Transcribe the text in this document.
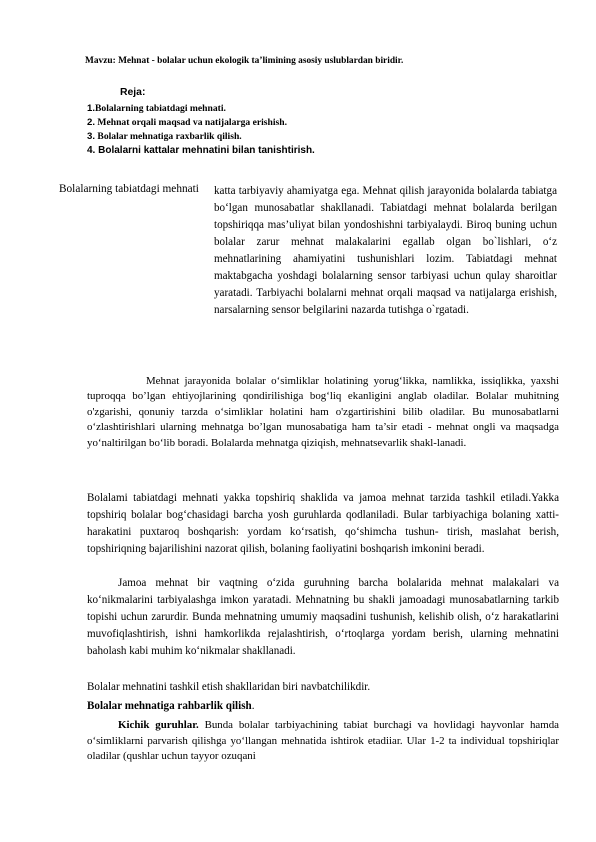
Mavzu: Mehnat - bolalar uchun ekologik ta’limining asosiy uslublardan biridir.
Reja:
1.Bolalarning tabiatdagi mehnati.
2. Mehnat orqali maqsad va natijalarga erishish.
3. Bolalar mehnatiga raxbarlik qilish.
4. Bolalarni kattalar mehnatini bilan tanishtirish.
Bolalarning tabiatdagi mehnati katta tarbiyaviy ahamiyatga ega. Mehnat qilish jarayonida bolalarda tabiatga bo‘lgan munosabatlar shakllanadi. Tabiatdagi mehnat bolalarda berilgan topshiriqqa mas’uliyat bilan yondoshishni tarbiyalaydi. Biroq buning uchun bolalar zarur mehnat malakalarini egallab olgan bo`lishlari, o‘z mehnatlarining ahamiyatini tushunishlari lozim. Tabiatdagi mehnat maktabgacha yoshdagi bolalarning sensor tarbiyasi uchun qulay sharoitlar yaratadi. Tarbiyachi bolalarni mehnat orqali maqsad va natijalarga erishish, narsalarning sensor belgilarini nazarda tutishga o`rgatadi.

Mehnat jarayonida bolalar o‘simliklar holatining yorug‘likka, namlikka, issiqlikka, yaxshi tuproqqa bo’lgan ehtiyojlarining qondirilishiga bog‘liq ekanligini anglab oladilar. Bolalar muhitning o'zgarishi, qonuniy tarzda o‘simliklar holatini ham o'zgartirishini bilib oladilar. Bu munosabatlarni o‘zlashtirishlari ularning mehnatga bo’lgan munosabatiga ham ta’sir etadi - mehnat ongli va maqsadga yo‘naltirilgan bo‘lib boradi. Bolalarda mehnatga qiziqish, mehnatsevarlik shakl-lanadi.

Bolalami tabiatdagi mehnati yakka topshiriq shaklida va jamoa mehnat tarzida tashkil etiladi.Yakka topshiriq bolalar bog‘chasidagi barcha yosh guruhlarda qodlaniladi. Bular tarbiyachiga bolaning xatti-harakatini puxtaroq boshqarish: yordam ko‘rsatish, qo‘shimcha tushun- tirish, maslahat berish, topshiriqning bajarilishini nazorat qilish, bolaning faoliyatini boshqarish imkonini beradi.

Jamoa mehnat bir vaqtning o‘zida guruhning barcha bolalarida mehnat malakalari va ko‘nikmalarini tarbiyalashga imkon yaratadi. Mehnatning bu shakli jamoadagi munosabatlarning tarkib topishi uchun zarurdir. Bunda mehnatning umumiy maqsadini tushunish, kelishib olish, o‘z harakatlarini muvofiqlashtirish, ishni hamkorlikda rejalashtirish, o‘rtoqlarga yordam berish, ularning mehnatini baholash kabi muhim ko‘nikmalar shakllanadi.

Bolalar mehnatini tashkil etish shakllaridan biri navbatchilikdir.

Bolalar mehnatiga rahbarlik qilish.

Kichik guruhlar. Bunda bolalar tarbiyachining tabiat burchagi va hovlidagi hayvonlar hamda o‘simliklarni parvarish qilishga yo‘llangan mehnatida ishtirok etadiiar. Ular 1-2 ta individual topshiriqlar oladilar (qushlar uchun tayyor ozuqani
